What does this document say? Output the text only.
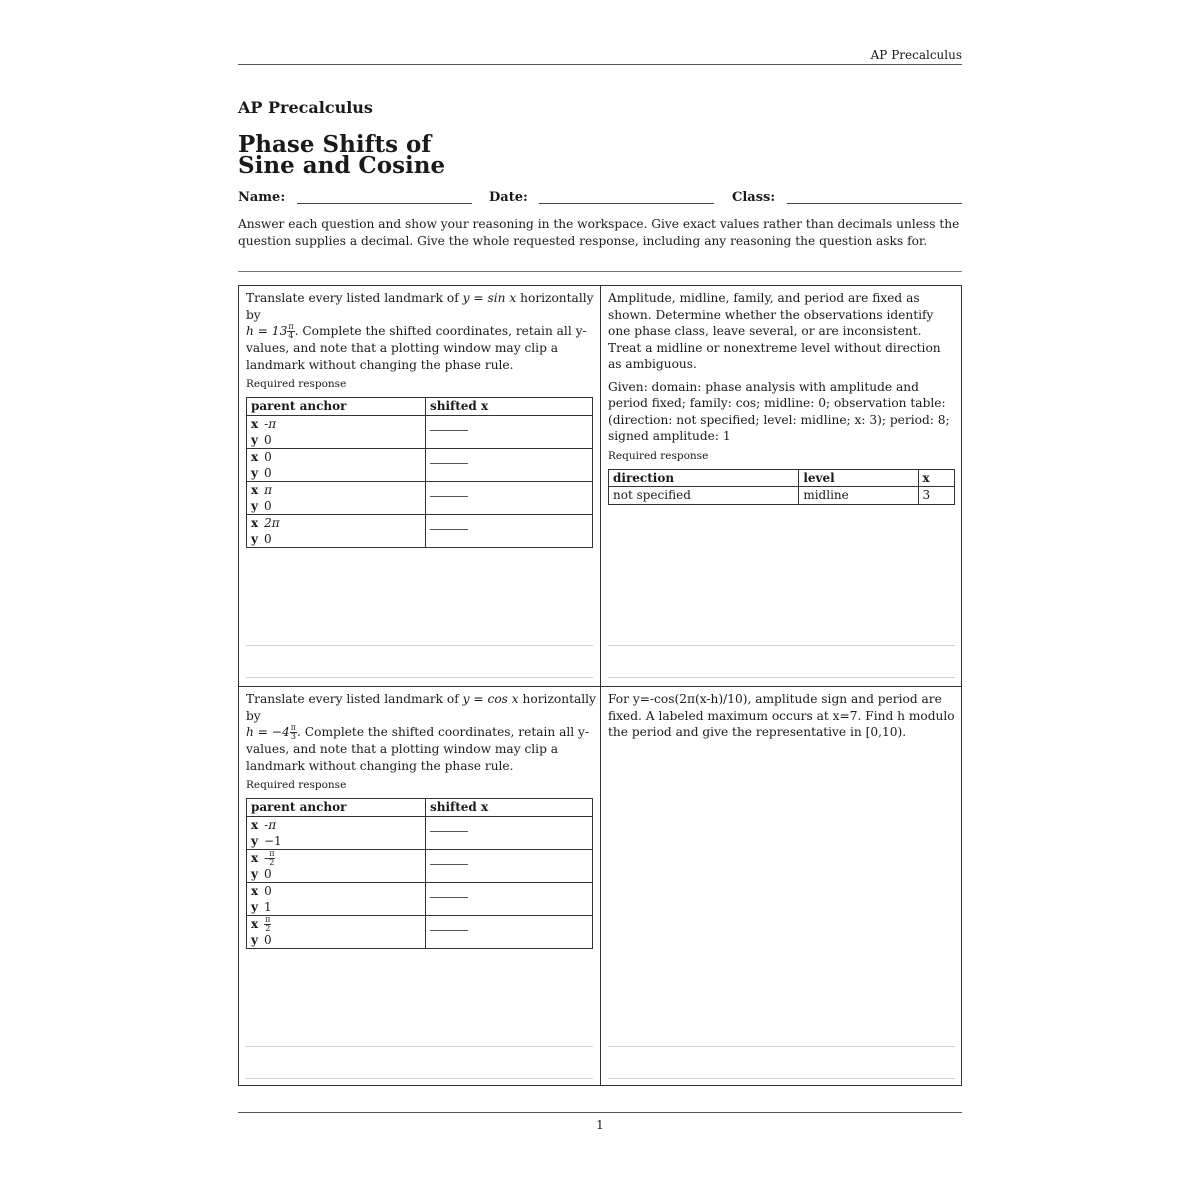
AP Precalculus
AP Precalculus
Phase Shifts of
Sine and Cosine
Name:	Date:	Class:
Answer each question and show your reasoning in the workspace. Give exact values rather than decimals unless the question supplies a decimal. Give the whole requested response, including any reasoning the question asks for.

Translate every listed landmark of y = sin x horizontally by
$h = 13 \frac{\pi}{4}$ . Complete the shifted coordinates, retain all y-values, and note that a plotting window may clip a landmark without changing the phase rule.

Required response

parent anchor	shifted x

x -π
y 0	

x 0
y 0	

x π
y 0	

x 2π
y 0	

Amplitude, midline, family, and period are fixed as shown. Determine whether the observations identify one phase class, leave several, or are inconsistent. Treat a midline or nonextreme level without direction as ambiguous.

Given: domain: phase analysis with amplitude and period fixed; family: cos; midline: 0; observation table: (direction: not specified; level: midline; x: 3); period: 8; signed amplitude: 1

Required response

direction	level	x
not specified	midline	3

Translate every listed landmark of y = cos x horizontally by
$h = -4 \frac{\pi}{3}$ . Complete the shifted coordinates, retain all y-values, and note that a plotting window may clip a landmark without changing the phase rule.

Required response

parent anchor	shifted x

x -π
y −1	

x - $\frac{\pi}{2}$
y 0	

x 0
y 1	

x $\frac{\pi}{2}$
y 0	

For y=-cos(2π(x-h)/10), amplitude sign and period are fixed. A labeled maximum occurs at x=7. Find h modulo the period and give the representative in [0,10).

1
